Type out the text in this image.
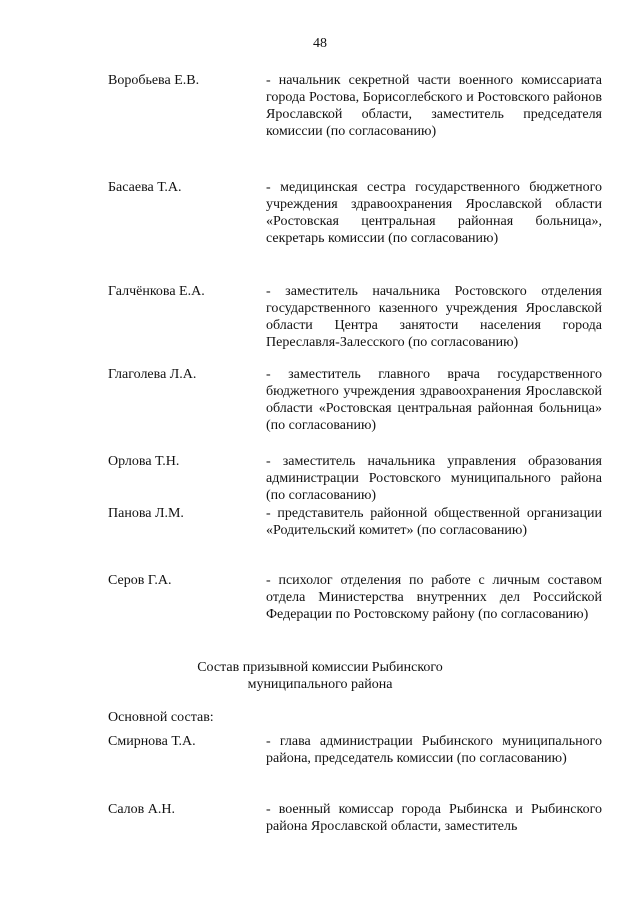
48
Воробьева Е.В.	- начальник секретной части военного комиссариата города Ростова, Борисоглебского и Ростовского районов Ярославской области, заместитель председателя комиссии (по согласованию)
Басаева Т.А.	- медицинская сестра государственного бюджетного учреждения здравоохранения Ярославской области «Ростовская центральная районная больница», секретарь комиссии (по согласованию)
Галчёнкова Е.А.	- заместитель начальника Ростовского отделения государственного казенного учреждения Ярославской области Центра занятости населения города Переславля-Залесского (по согласованию)
Глаголева Л.А.	- заместитель главного врача государственного бюджетного учреждения здравоохранения Ярославской области «Ростовская центральная районная больница» (по согласованию)
Орлова Т.Н.	- заместитель начальника управления образования администрации Ростовского муниципального района (по согласованию)
Панова Л.М.	- представитель районной общественной организации «Родительский комитет» (по согласованию)
Серов Г.А.	- психолог отделения по работе с личным составом отдела Министерства внутренних дел Российской Федерации по Ростовскому району (по согласованию)
Состав призывной комиссии Рыбинского
муниципального района
Основной состав:
Смирнова Т.А.	- глава администрации Рыбинского муниципального района, председатель комиссии (по согласованию)
Салов А.Н.	- военный комиссар города Рыбинска и Рыбинского района Ярославской области, заместитель
